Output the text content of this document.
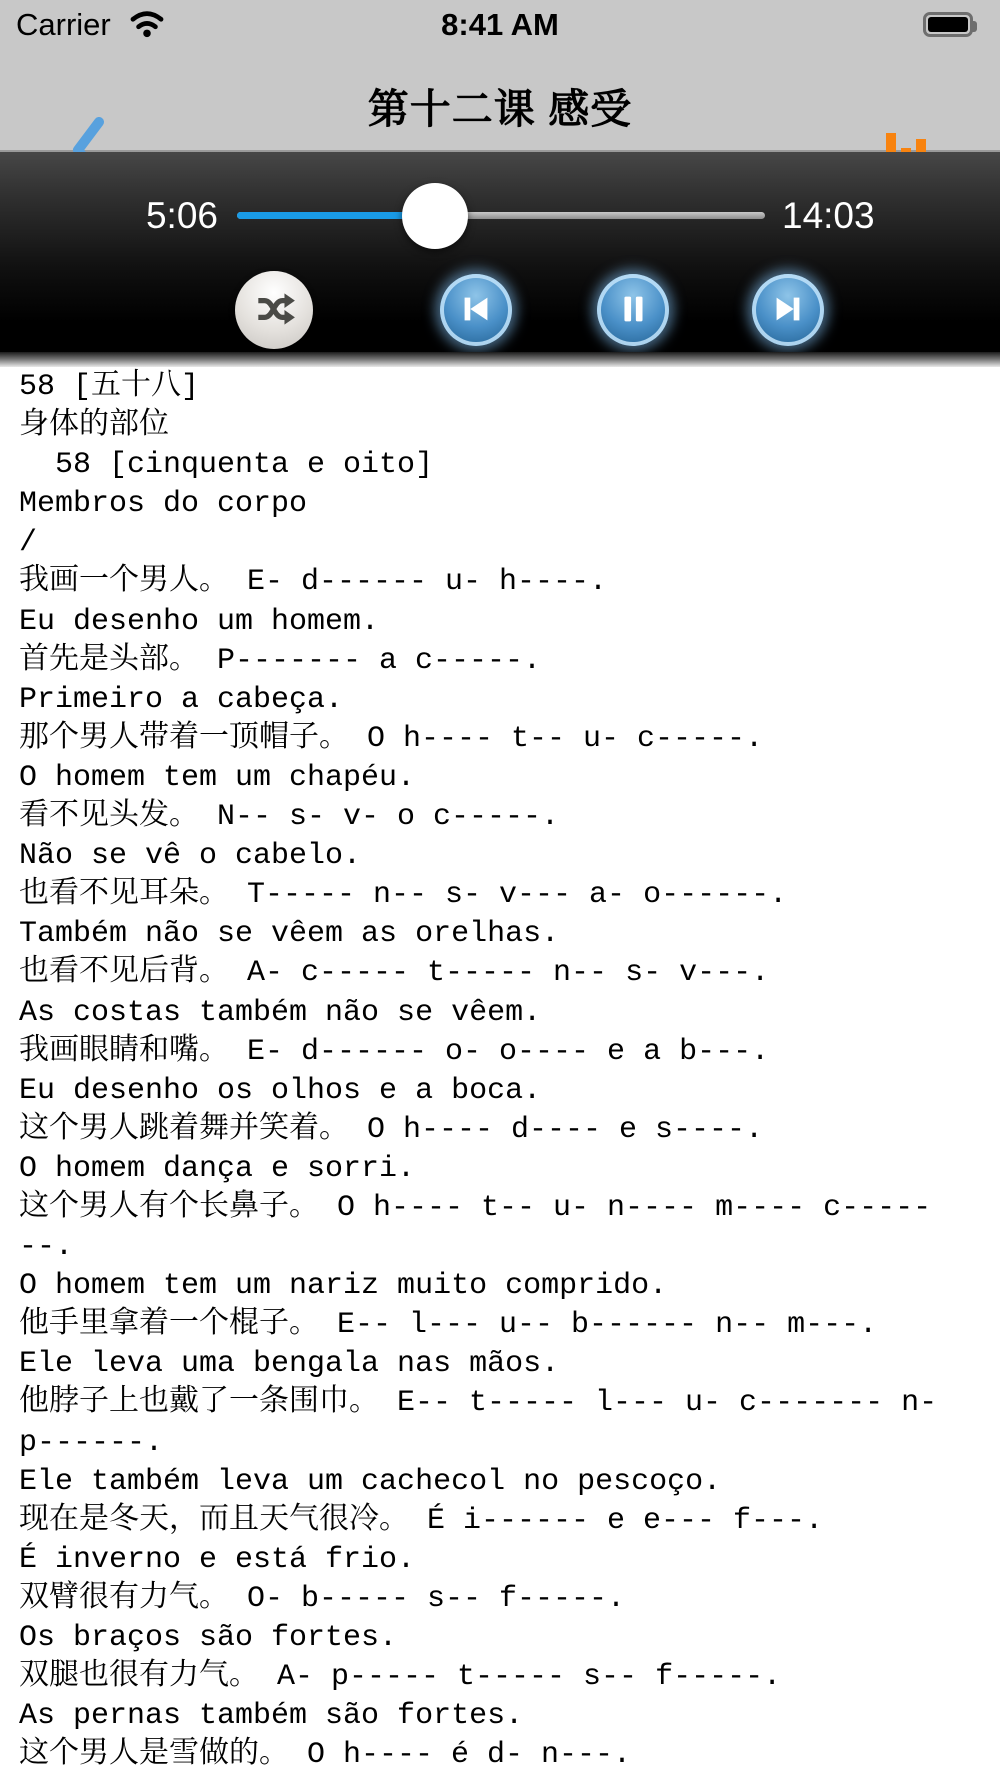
Carrier	8:41 AM
第十二课 感受
5:06	14:03
58 [五十八]
身体的部位
58 [cinquenta e oito]
Membros do corpo
/
我画一个男人。 E- d------ u- h----.
Eu desenho um homem.
首先是头部。 P------- a c-----.
Primeiro a cabeça.
那个男人带着一顶帽子。 O h---- t-- u- c-----.
O homem tem um chapéu.
看不见头发。 N-- s- v- o c-----.
Não se vê o cabelo.
也看不见耳朵。 T----- n-- s- v--- a- o------.
Também não se vêem as orelhas.
也看不见后背。 A- c----- t----- n-- s- v---.
As costas também não se vêem.
我画眼睛和嘴。 E- d------ o- o---- e a b---.
Eu desenho os olhos e a boca.
这个男人跳着舞并笑着。 O h---- d---- e s----.
O homem dança e sorri.
这个男人有个长鼻子。 O h---- t-- u- n---- m---- c-----
--.
O homem tem um nariz muito comprido.
他手里拿着一个棍子。 E-- l--- u-- b------ n-- m---.
Ele leva uma bengala nas mãos.
他脖子上也戴了一条围巾。 E-- t----- l--- u- c------- n-
p------.
Ele também leva um cachecol no pescoço.
现在是冬天，而且天气很冷。 É i------ e e--- f---.
É inverno e está frio.
双臂很有力气。 O- b----- s-- f-----.
Os braços são fortes.
双腿也很有力气。 A- p----- t----- s-- f-----.
As pernas também são fortes.
这个男人是雪做的。 O h---- é d- n---.
